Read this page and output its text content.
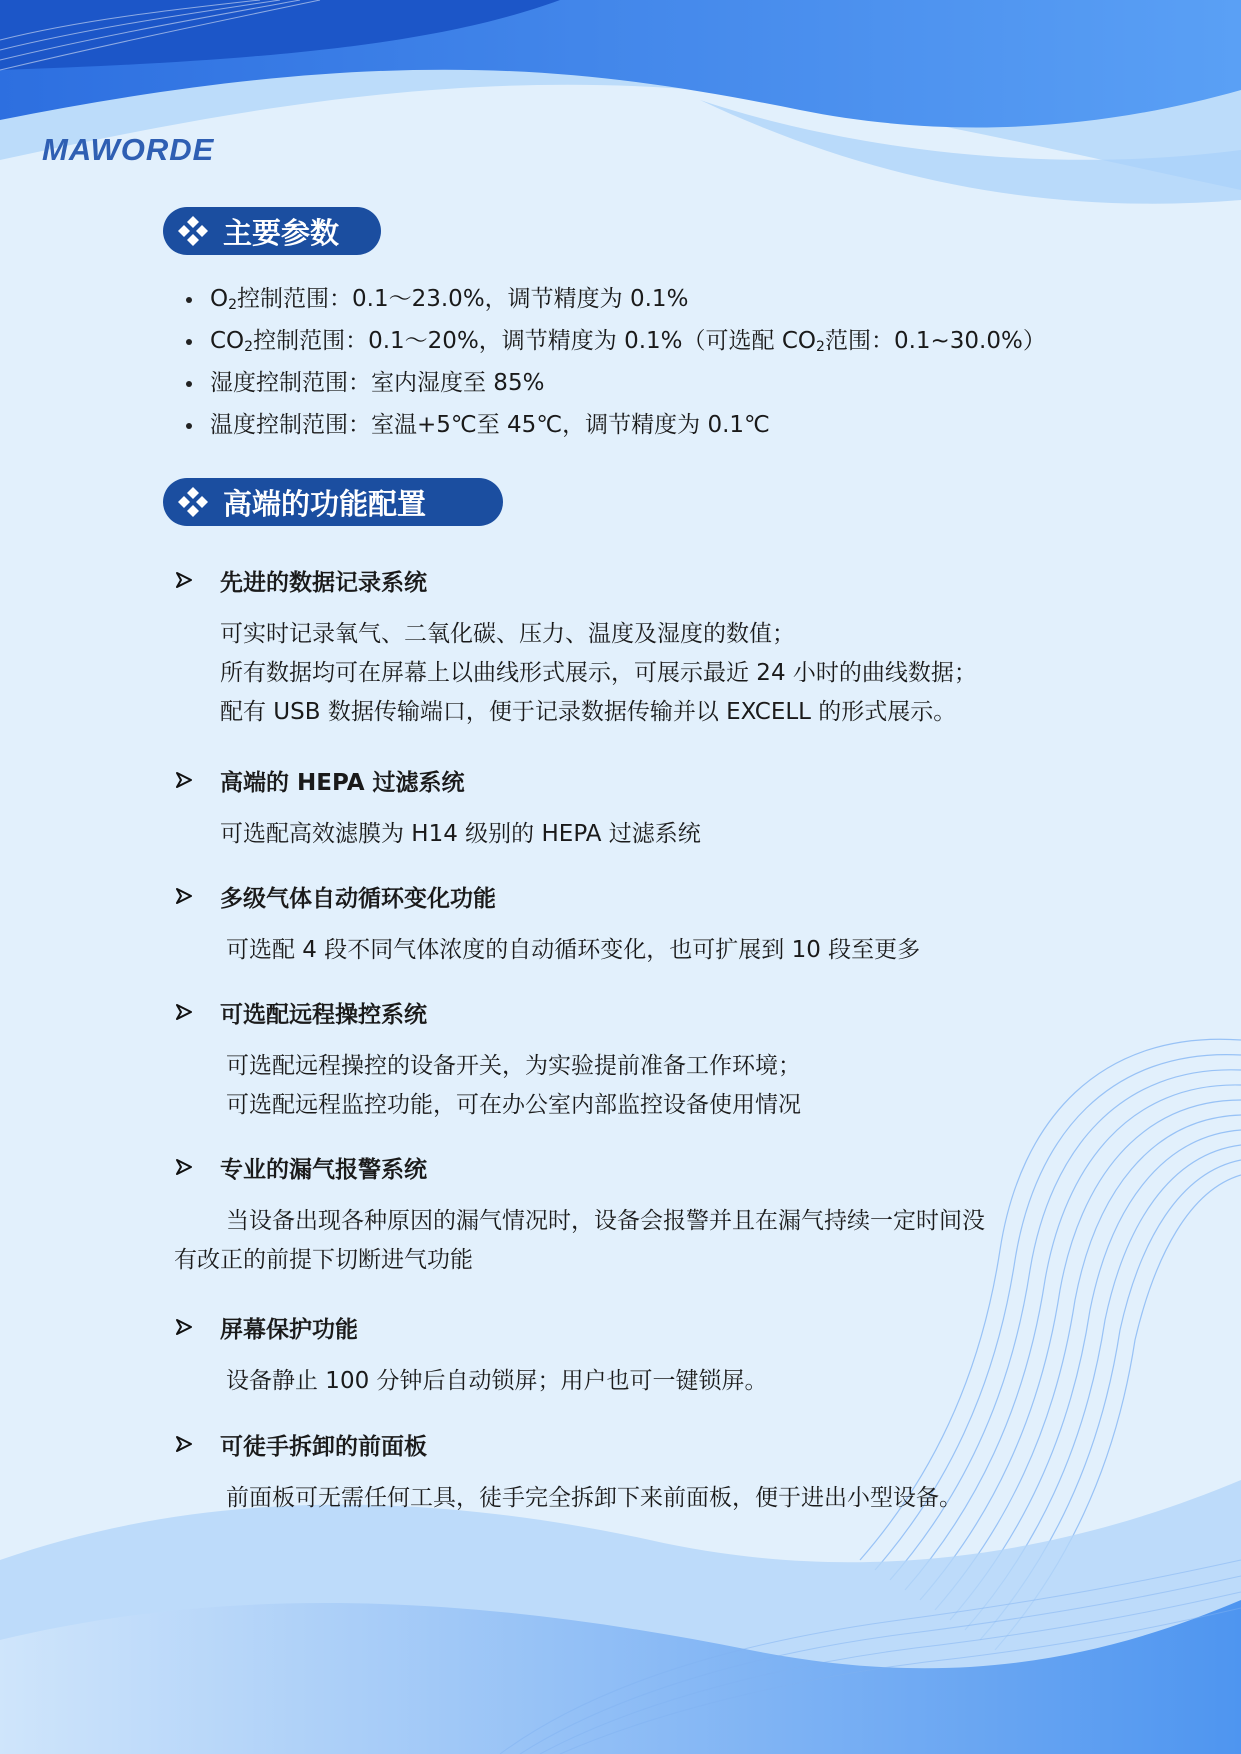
MAWORDE
主要参数
$O_2$控制范围：0.1～23.0%，调节精度为 0.1%
$CO_2$控制范围：0.1～20%，调节精度为 0.1%（可选配 $CO_2$范围：0.1~30.0%）
湿度控制范围：室内湿度至 85%
温度控制范围：室温+5℃至 45℃，调节精度为 0.1℃
高端的功能配置
先进的数据记录系统
可实时记录氧气、二氧化碳、压力、温度及湿度的数值；
所有数据均可在屏幕上以曲线形式展示，可展示最近 24 小时的曲线数据；
配有 USB 数据传输端口，便于记录数据传输并以 EXCELL 的形式展示。
高端的 HEPA 过滤系统
可选配高效滤膜为 H14 级别的 HEPA 过滤系统
多级气体自动循环变化功能
可选配 4 段不同气体浓度的自动循环变化，也可扩展到 10 段至更多
可选配远程操控系统
可选配远程操控的设备开关，为实验提前准备工作环境；
可选配远程监控功能，可在办公室内部监控设备使用情况
专业的漏气报警系统
当设备出现各种原因的漏气情况时，设备会报警并且在漏气持续一定时间没
有改正的前提下切断进气功能
屏幕保护功能
设备静止 100 分钟后自动锁屏；用户也可一键锁屏。
可徒手拆卸的前面板
前面板可无需任何工具，徒手完全拆卸下来前面板，便于进出小型设备。
